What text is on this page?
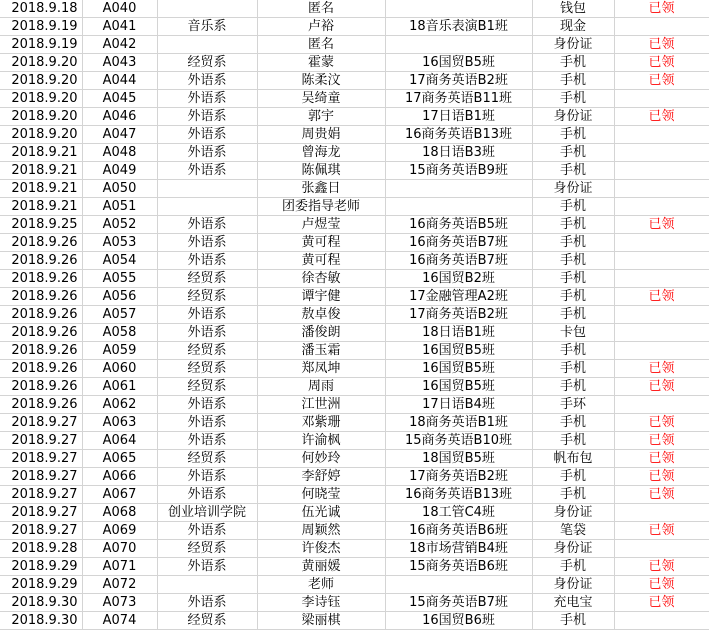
2018.9.18	A040		匿名		钱包	已领
2018.9.19	A041	音乐系	卢裕	18音乐表演B1班	现金	
2018.9.19	A042		匿名		身份证	已领
2018.9.20	A043	经贸系	霍蒙	16国贸B5班	手机	已领
2018.9.20	A044	外语系	陈柔汶	17商务英语B2班	手机	已领
2018.9.20	A045	外语系	吴绮童	17商务英语B11班	手机	
2018.9.20	A046	外语系	郭宇	17日语B1班	身份证	已领
2018.9.20	A047	外语系	周贵娟	16商务英语B13班	手机	
2018.9.21	A048	外语系	曾海龙	18日语B3班	手机	
2018.9.21	A049	外语系	陈佩琪	15商务英语B9班	手机	
2018.9.21	A050		张鑫日		身份证	
2018.9.21	A051		团委指导老师		手机	
2018.9.25	A052	外语系	卢煜莹	16商务英语B5班	手机	已领
2018.9.26	A053	外语系	黄可程	16商务英语B7班	手机	
2018.9.26	A054	外语系	黄可程	16商务英语B7班	手机	
2018.9.26	A055	经贸系	徐杏敏	16国贸B2班	手机	
2018.9.26	A056	经贸系	谭宇健	17金融管理A2班	手机	已领
2018.9.26	A057	外语系	敖卓俊	17商务英语B2班	手机	
2018.9.26	A058	外语系	潘俊朗	18日语B1班	卡包	
2018.9.26	A059	经贸系	潘玉霜	16国贸B5班	手机	
2018.9.26	A060	经贸系	郑凤坤	16国贸B5班	手机	已领
2018.9.26	A061	经贸系	周雨	16国贸B5班	手机	已领
2018.9.26	A062	外语系	江世洲	17日语B4班	手环	
2018.9.27	A063	外语系	邓紫珊	18商务英语B1班	手机	已领
2018.9.27	A064	外语系	许渝枫	15商务英语B10班	手机	已领
2018.9.27	A065	经贸系	何妙玲	18国贸B5班	帆布包	已领
2018.9.27	A066	外语系	李舒婷	17商务英语B2班	手机	已领
2018.9.27	A067	外语系	何晓莹	16商务英语B13班	手机	已领
2018.9.27	A068	创业培训学院	伍光诚	18工管C4班	身份证	
2018.9.27	A069	外语系	周颖然	16商务英语B6班	笔袋	已领
2018.9.28	A070	经贸系	许俊杰	18市场营销B4班	身份证	
2018.9.29	A071	外语系	黄丽媛	15商务英语B6班	手机	已领
2018.9.29	A072		老师		身份证	已领
2018.9.30	A073	外语系	李诗钰	15商务英语B7班	充电宝	已领
2018.9.30	A074	经贸系	梁丽棋	16国贸B6班	手机	
